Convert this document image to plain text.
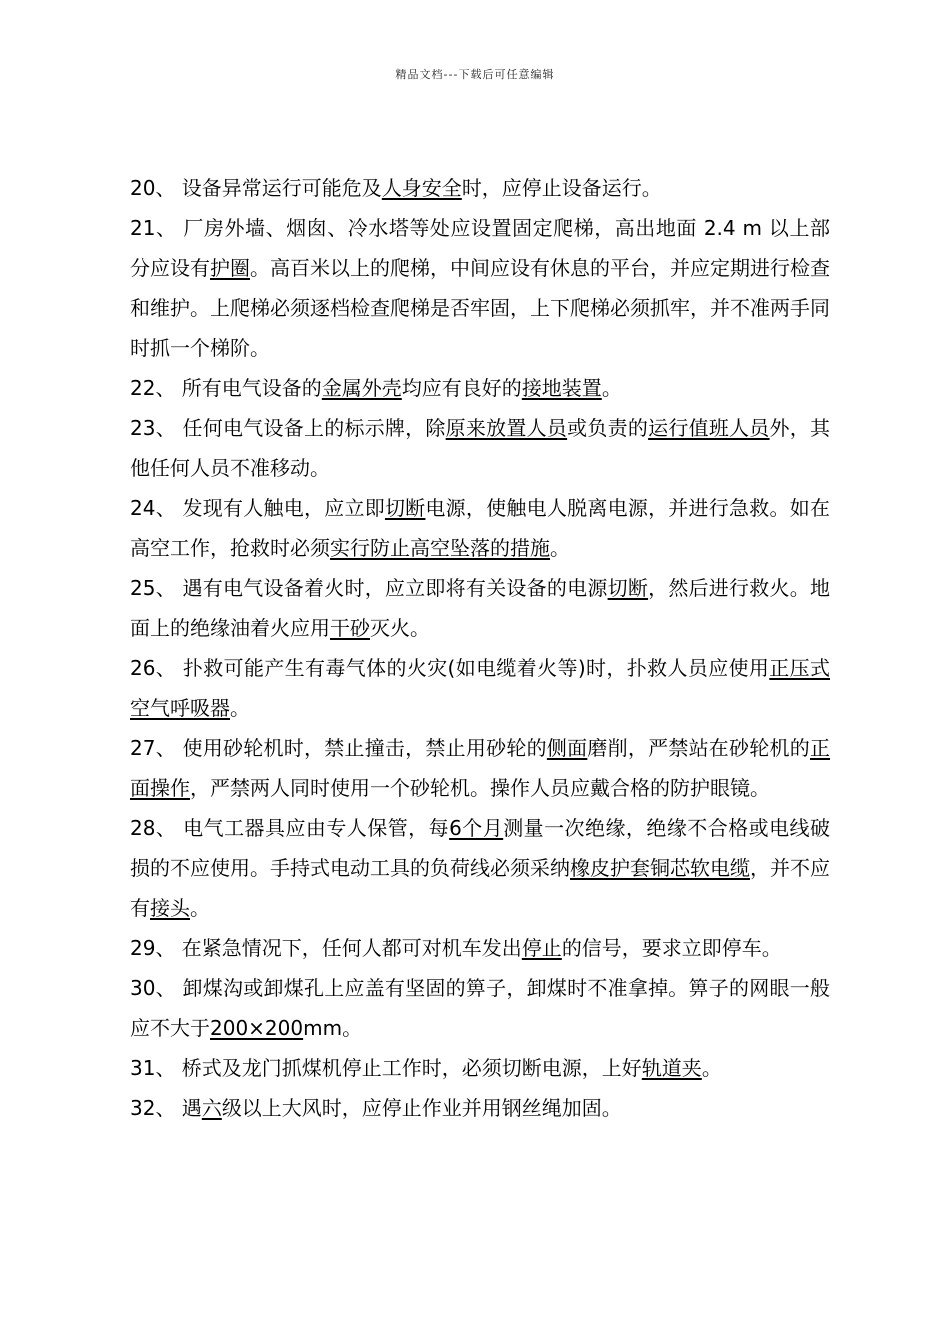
精品文档---下载后可任意编辑

20、 设备异常运行可能危及人身安全时，应停止设备运行。

21、 厂房外墙、烟囱、冷水塔等处应设置固定爬梯，高出地面 2.4 m 以上部分应设有护圈。高百米以上的爬梯，中间应设有休息的平台，并应定期进行检查和维护。上爬梯必须逐档检查爬梯是否牢固，上下爬梯必须抓牢，并不准两手同时抓一个梯阶。

22、 所有电气设备的金属外壳均应有良好的接地装置。

23、 任何电气设备上的标示牌，除原来放置人员或负责的运行值班人员外，其他任何人员不准移动。

24、 发现有人触电，应立即切断电源，使触电人脱离电源，并进行急救。如在高空工作，抢救时必须实行防止高空坠落的措施。

25、 遇有电气设备着火时，应立即将有关设备的电源切断，然后进行救火。地面上的绝缘油着火应用干砂灭火。

26、 扑救可能产生有毒气体的火灾(如电缆着火等)时，扑救人员应使用正压式空气呼吸器。

27、 使用砂轮机时，禁止撞击，禁止用砂轮的侧面磨削，严禁站在砂轮机的正面操作，严禁两人同时使用一个砂轮机。操作人员应戴合格的防护眼镜。

28、 电气工器具应由专人保管，每6个月测量一次绝缘，绝缘不合格或电线破损的不应使用。手持式电动工具的负荷线必须采纳橡皮护套铜芯软电缆，并不应有接头。

29、 在紧急情况下，任何人都可对机车发出停止的信号，要求立即停车。

30、 卸煤沟或卸煤孔上应盖有坚固的箅子，卸煤时不准拿掉。箅子的网眼一般应不大于200×200mm。

31、 桥式及龙门抓煤机停止工作时，必须切断电源，上好轨道夹。

32、 遇六级以上大风时，应停止作业并用钢丝绳加固。
